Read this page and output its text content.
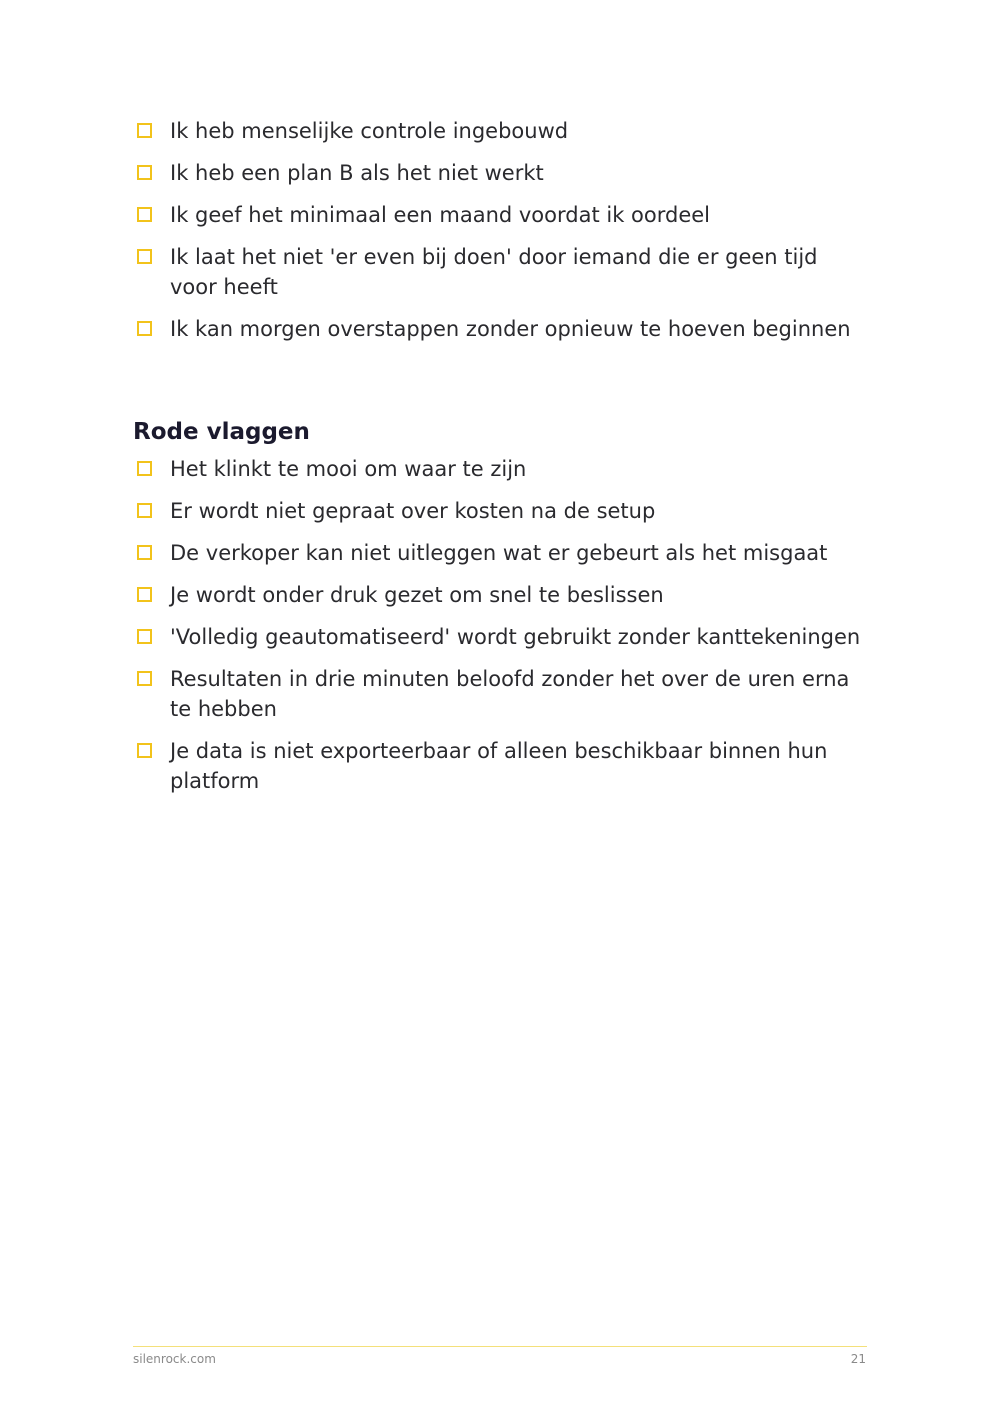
Ik heb menselijke controle ingebouwd
Ik heb een plan B als het niet werkt
Ik geef het minimaal een maand voordat ik oordeel
Ik laat het niet 'er even bij doen' door iemand die er geen tijd voor heeft
Ik kan morgen overstappen zonder opnieuw te hoeven beginnen
Rode vlaggen
Het klinkt te mooi om waar te zijn
Er wordt niet gepraat over kosten na de setup
De verkoper kan niet uitleggen wat er gebeurt als het misgaat
Je wordt onder druk gezet om snel te beslissen
'Volledig geautomatiseerd' wordt gebruikt zonder kanttekeningen
Resultaten in drie minuten beloofd zonder het over de uren erna te hebben
Je data is niet exporteerbaar of alleen beschikbaar binnen hun platform
silenrock.com	21
